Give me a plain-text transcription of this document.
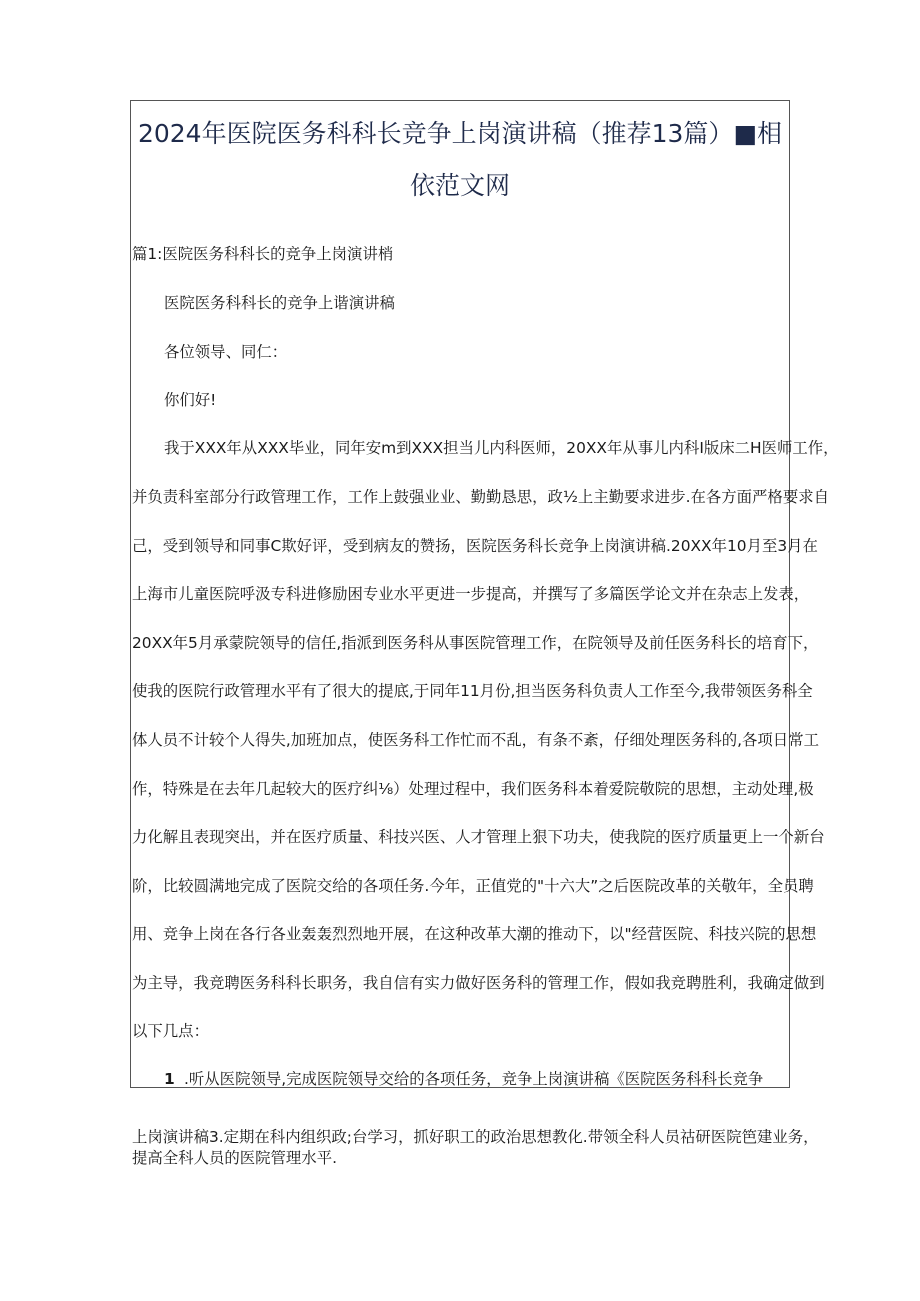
2024年医院医务科科长竞争上岗演讲稿（推荐13篇）■相
依范文网

篇1:医院医务科科长的竞争上岗演讲梢

医院医务科科长的竞争上谐演讲稿

各位领导、同仁：

你们好!

我于XXX年从XXX毕业，同年安m到XXX担当儿内科医师，20XX年从事儿内科Ⅰ版床二H医师工作，

并负责科室部分行政管理工作，工作上鼓强业业、勤勤恳思，政½上主勤要求进步.在各方面严格要求自

己，受到领导和同事C欺好评，受到病友的赞扬，医院医务科长竞争上岗演讲稿.20XX年10月至3月在

上海市儿童医院呼汲专科进修励困专业水平更进一步提高，并撰写了多篇医学论文并在杂志上发表，

20XX年5月承蒙院领导的信任,指派到医务科从事医院管理工作，在院领导及前任医务科长的培育下，

使我的医院行政管理水平有了很大的提底,于同年11月份,担当医务科负责人工作至今,我带领医务科全

体人员不计较个人得失,加班加点，使医务科工作忙而不乱，有条不紊，仔细处理医务科的,各项日常工

作，特殊是在去年几起较大的医疗纠⅛）处理过程中，我们医务科本着爱院敬院的思想，主动处理,极

力化解且表现突出，并在医疗质量、科技兴医、人才管理上狠下功夫，使我院的医疗质量更上一个新台

阶，比较圆满地完成了医院交给的各项任务.今年，正值党的"十六大”之后医院改革的关敬年，全员聘

用、竞争上岗在各行各业轰轰烈烈地开展，在这种改革大潮的推动下，以"经营医院、科技兴院的思想

为主导，我竞聘医务科科长职务，我自信有实力做好医务科的管理工作，假如我竞聘胜利，我确定做到

以下几点：

1 .听从医院领导,完成医院领导交给的各项任务，竞争上岗演讲稿《医院医务科科长竞争

上岗演讲稿3.定期在科内组织政;台学习，抓好职工的政治思想教化.带领全科人员祜研医院笆建业务，

提高全科人员的医院管理水平.
